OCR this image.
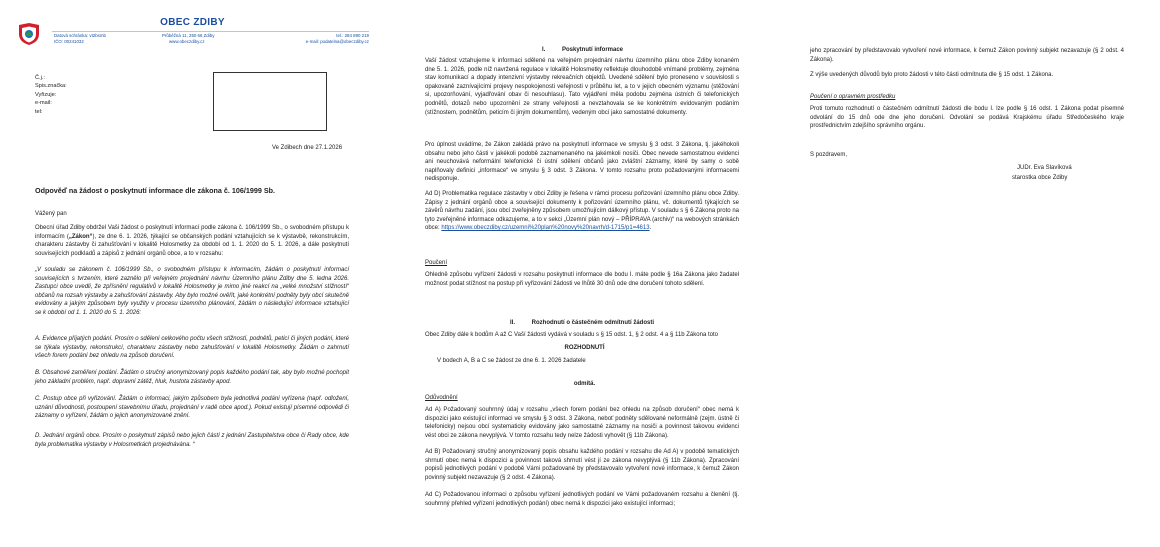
OBEC ZDIBY
Datová schránka: vt2bsmb
IČO: 00241032
Průběžná 11, 250 66 Zdiby
www.obeczdiby.cz
tel.: 284 890 219
e-mail: podatelna@obeczdiby.cz
Č.j.:
Spis.značka:
Vyřizuje:
e-mail:
tel:

Ve Zdibech dne 27.1.2026

Odpověď na žádost o poskytnutí informace dle zákona č. 106/1999 Sb.

Vážený pan

Obecní úřad Zdiby obdržel Vaši žádost o poskytnutí informací podle zákona č. 106/1999 Sb., o svobodném přístupu k informacím („Zákon“), ze dne 6. 1. 2026, týkající se občanských podání vztahujících se k výstavbě, rekonstrukcím, charakteru zástavby či zahušťování v lokalitě Holosmetky za období od 1. 1. 2020 do 5. 1. 2026, a dále poskytnutí souvisejících podkladů a zápisů z jednání orgánů obce, a to v rozsahu:

„V souladu se zákonem č. 106/1999 Sb., o svobodném přístupu k informacím, žádám o poskytnutí informací souvisejících s tvrzením, které zaznělo při veřejném projednání návrhu Územního plánu Zdiby dne 5. ledna 2026. Zastupci obce uvedli, že zpřísnění regulativů v lokalitě Holosmetky je mimo jiné reakcí na „velké množství stížností“ občanů na rozsah výstavby a zahušťování zástavby. Aby bylo možné ověřit, jaké konkrétní podněty byly obcí skutečně evidovány a jakým způsobem byly využity v procesu územního plánování, žádám o následující informace vztahující se k období od 1. 1. 2020 do 5. 1. 2026:

A. Evidence přijatých podání. Prosím o sdělení celkového počtu všech stížností, podnětů, peticí či jiných podání, které se týkala výstavby, rekonstrukcí, charakteru zástavby nebo zahušťování v lokalitě Holosmetky. Žádám o zahrnutí všech forem podání bez ohledu na způsob doručení.

B. Obsahové zaměření podání. Žádám o stručný anonymizovaný popis každého podání tak, aby bylo možné pochopit jeho základní problém, např. dopravní zátěž, hluk, hustota zástavby apod.

C. Postup obce při vyřizování. Žádám o informaci, jakým způsobem byla jednotlivá podání vyřízena (např. odložení, uznání důvodnosti, postoupení stavebnímu úřadu, projednání v radě obce apod.). Pokud existují písemné odpovědi či záznamy o vyřízení, žádám o jejich anonymizované znění.

D. Jednání orgánů obce. Prosím o poskytnutí zápisů nebo jejich částí z jednání Zastupitelstva obce či Rady obce, kde byla problematika výstavby v Holosmetkách projednávána. “

I.          Poskytnutí informace

Vaší žádost vztahujeme k informaci sdělené na veřejném projednání návrhu územního plánu obce Zdiby konaném dne 5. 1. 2026, podle níž navržená regulace v lokalitě Holosmetky reflektuje dlouhodobě vnímané problémy, zejména stav komunikací a dopady intenzivní výstavby rekreačních objektů. Uvedené sdělení bylo proneseno v souvislosti s opakovaně zaznívajícími projevy nespokojenosti veřejnosti v průběhu let, a to v jejich obecném významu (stěžování si, upozorňování, vyjadřování obav či nesouhlasu). Tato vyjádření měla podobu zejména ústních či telefonických podnětů, dotazů nebo upozornění ze strany veřejnosti a nevztahovala se ke konkrétním evidovaným podáním (stížnostem, podnětům, peticím či jiným dokumentům), vedeným obcí jako samostatné dokumenty.

Pro úplnost uvádíme, že Zákon zakládá právo na poskytnutí informace ve smyslu § 3 odst. 3 Zákona, tj. jakéhokoli obsahu nebo jeho části v jakékoli podobě zaznamenaného na jakémkoli nosiči. Obec nevede samostatnou evidenci ani neuchovává neformální telefonické či ústní sdělení občanů jako zvláštní záznamy, které by samy o sobě naplňovaly definici „informace“ ve smyslu § 3 odst. 3 Zákona. V tomto rozsahu proto požadovanými informacemi nedisponuje.

Ad D) Problematika regulace zástavby v obci Zdiby je řešena v rámci procesu pořizování územního plánu obce Zdiby. Zápisy z jednání orgánů obce a související dokumenty k pořizování územního plánu, vč. dokumentů týkajících se závěrů návrhu zadání, jsou obcí zveřejněny způsobem umožňujícím dálkový přístup. V souladu s § 6 Zákona proto na tyto zveřejněné informace odkazujeme, a to v sekci „Územní plán nový – PŘÍPRAVA (archiv)“ na webových stránkách obce: https://www.obeczdiby.cz/uzemni%20plan%20novy%20navrh/d-1715/p1=4613.

Poučení

Ohledně způsobu vyřízení žádosti v rozsahu poskytnutí informace dle bodu I. máte podle § 16a Zákona jako žadatel možnost podat stížnost na postup při vyřizování žádosti ve lhůtě 30 dnů ode dne doručení tohoto sdělení.

II.          Rozhodnutí o částečném odmítnutí žádosti

Obec Zdiby dále k bodům A až C Vaší žádosti vydává v souladu s § 15 odst. 1, § 2 odst. 4 a § 11b Zákona toto

ROZHODNUTÍ

V bodech A, B a C se žádost ze dne 6. 1. 2026 žadatele

odmítá.

Odůvodnění

Ad A) Požadovaný souhrnný údaj v rozsahu „všech forem podání bez ohledu na způsob doručení“ obec nemá k dispozici jako existující informaci ve smyslu § 3 odst. 3 Zákona, neboť podněty sdělované neformálně (zejm. ústně či telefonicky) nejsou obcí systematicky evidovány jako samostatné záznamy na nosiči a povinnost takovou evidenci vést obci ze zákona nevyplývá. V tomto rozsahu tedy nelze žádosti vyhovět (§ 11b Zákona).

Ad B) Požadovaný stručný anonymizovaný popis obsahu každého podání v rozsahu dle Ad A) v podobě tematických shrnutí obec nemá k dispozici a povinnost taková shrnutí vést jí ze zákona nevyplývá (§ 11b Zákona). Zpracování popisů jednotlivých podání v podobě Vámi požadované by představovalo vytvoření nové informace, k čemuž Zákon povinný subjekt nezavazuje (§ 2 odst. 4 Zákona).

Ad C) Požadovanou informaci o způsobu vyřízení jednotlivých podání ve Vámi požadovaném rozsahu a členění (tj. souhrnný přehled vyřízení jednotlivých podání) obec nemá k dispozici jako existující informaci;

jeho zpracování by představovalo vytvoření nové informace, k čemuž Zákon povinný subjekt nezavazuje (§ 2 odst. 4 Zákona).

Z výše uvedených důvodů bylo proto žádosti v této části odmítnuta dle § 15 odst. 1 Zákona.

Poučení o opravném prostředku

Proti tomuto rozhodnutí o částečném odmítnutí žádosti dle bodu I. lze podle § 16 odst. 1 Zákona podat písemné odvolání do 15 dnů ode dne jeho doručení. Odvolání se podává Krajskému úřadu Středočeského kraje prostřednictvím zdejšího správního orgánu.

S pozdravem,

JUDr. Eva Slavíková

starostka obce Zdiby
